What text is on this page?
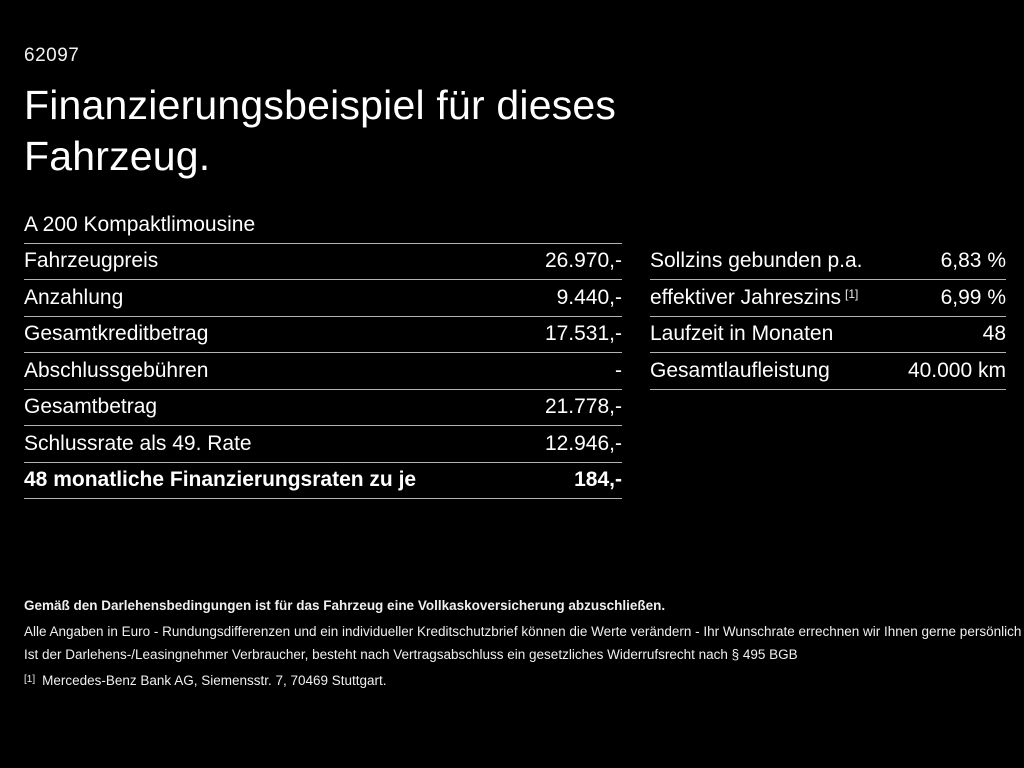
62097
Finanzierungsbeispiel für dieses Fahrzeug.
A 200 Kompaktlimousine
Fahrzeugpreis	26.970,-
Anzahlung	9.440,-
Gesamtkreditbetrag	17.531,-
Abschlussgebühren	-
Gesamtbetrag	21.778,-
Schlussrate als 49. Rate	12.946,-
48 monatliche Finanzierungsraten zu je	184,-
Sollzins gebunden p.a.	6,83 %
effektiver Jahreszins [1]	6,99 %
Laufzeit in Monaten	48
Gesamtlaufleistung	40.000 km

Gemäß den Darlehensbedingungen ist für das Fahrzeug eine Vollkaskoversicherung abzuschließen.

Alle Angaben in Euro - Rundungsdifferenzen und ein individueller Kreditschutzbrief können die Werte verändern - Ihr Wunschrate errechnen wir Ihnen gerne persönlich

Ist der Darlehens-/Leasingnehmer Verbraucher, besteht nach Vertragsabschluss ein gesetzliches Widerrufsrecht nach § 495 BGB

[1] Mercedes-Benz Bank AG, Siemensstr. 7, 70469 Stuttgart.
